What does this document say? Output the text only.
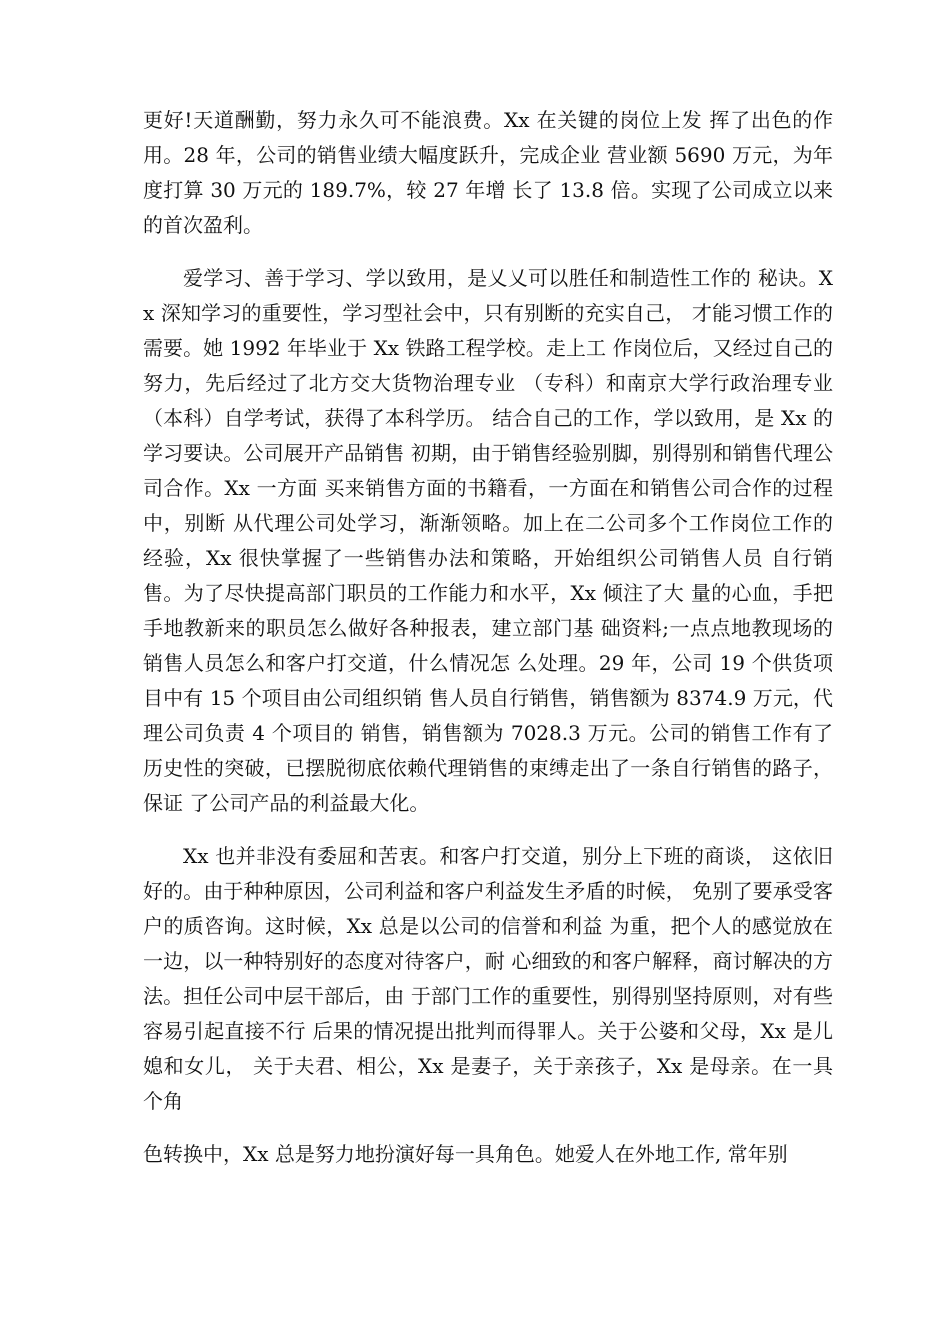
更好!天道酬勤，努力永久可不能浪费。Xx 在关键的岗位上发 挥了出色的作用。28 年，公司的销售业绩大幅度跃升，完成企业 营业额 5690 万元，为年度打算 30 万元的 189.7%，较 27 年增 长了 13.8 倍。实现了公司成立以来的首次盈利。

爱学习、善于学习、学以致用，是乂乂可以胜任和制造性工作的 秘诀。Xx 深知学习的重要性，学习型社会中，只有别断的充实自己， 才能习惯工作的需要。她 1992 年毕业于 Xx 铁路工程学校。走上工 作岗位后，又经过自己的努力，先后经过了北方交大货物治理专业 （专科）和南京大学行政治理专业（本科）自学考试，获得了本科学历。 结合自己的工作，学以致用，是 Xx 的学习要诀。公司展开产品销售 初期，由于销售经验别脚，别得别和销售代理公司合作。Xx 一方面 买来销售方面的书籍看，一方面在和销售公司合作的过程中，别断 从代理公司处学习，渐渐领略。加上在二公司多个工作岗位工作的 经验，Xx 很快掌握了一些销售办法和策略，开始组织公司销售人员 自行销售。为了尽快提高部门职员的工作能力和水平，Xx 倾注了大 量的心血，手把手地教新来的职员怎么做好各种报表，建立部门基 础资料;一点点地教现场的销售人员怎么和客户打交道，什么情况怎 么处理。29 年，公司 19 个供货项目中有 15 个项目由公司组织销 售人员自行销售，销售额为 8374.9 万元，代理公司负责 4 个项目的 销售，销售额为 7028.3 万元。公司的销售工作有了历史性的突破，已摆脱彻底依赖代理销售的束缚走出了一条自行销售的路子，保证 了公司产品的利益最大化。

Xx 也并非没有委屈和苦衷。和客户打交道，别分上下班的商谈， 这依旧好的。由于种种原因，公司利益和客户利益发生矛盾的时候， 免别了要承受客户的质咨询。这时候，Xx 总是以公司的信誉和利益 为重，把个人的感觉放在一边，以一种特别好的态度对待客户，耐 心细致的和客户解释，商讨解决的方法。担任公司中层干部后，由 于部门工作的重要性，别得别坚持原则，对有些容易引起直接不行 后果的情况提出批判而得罪人。关于公婆和父母，Xx 是儿媳和女儿， 关于夫君、相公，Xx 是妻子，关于亲孩子，Xx 是母亲。在一具个角

色转换中，Xx 总是努力地扮演好每一具角色。她爱人在外地工作, 常年别
